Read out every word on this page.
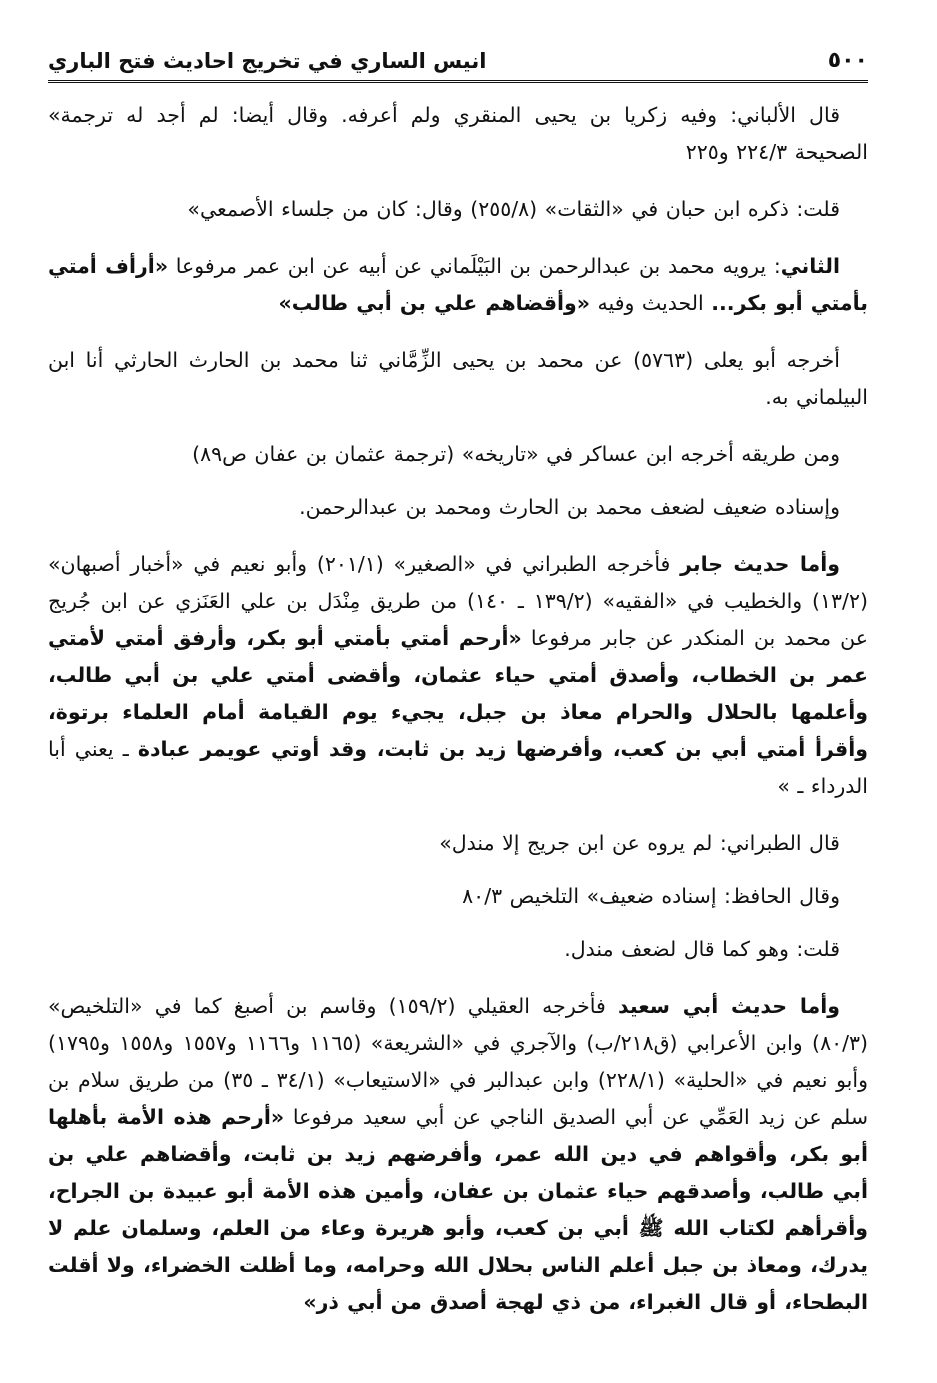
٥٠٠
انيس الساري في تخريج احاديث فتح الباري

قال الألباني: وفيه زكريا بن يحيى المنقري ولم أعرفه. وقال أيضا: لم أجد له ترجمة» الصحيحة ٢٢٤/٣ و٢٢٥

قلت: ذكره ابن حبان في «الثقات» (٢٥٥/٨) وقال: كان من جلساء الأصمعي»

الثاني: يرويه محمد بن عبدالرحمن بن البَيْلَماني عن أبيه عن ابن عمر مرفوعا «أرأف أمتي بأمتي أبو بكر... الحديث وفيه «وأقضاهم علي بن أبي طالب»

أخرجه أبو يعلى (٥٧٦٣) عن محمد بن يحيى الزِّمَّاني ثنا محمد بن الحارث الحارثي أنا ابن البيلماني به.

ومن طريقه أخرجه ابن عساكر في «تاريخه» (ترجمة عثمان بن عفان ص٨٩)

وإسناده ضعيف لضعف محمد بن الحارث ومحمد بن عبدالرحمن.

وأما حديث جابر فأخرجه الطبراني في «الصغير» (٢٠١/١) وأبو نعيم في «أخبار أصبهان» (١٣/٢) والخطيب في «الفقيه» (١٣٩/٢ ـ ١٤٠) من طريق مِنْدَل بن علي العَنَزي عن ابن جُريج عن محمد بن المنكدر عن جابر مرفوعا «أرحم أمتي بأمتي أبو بكر، وأرفق أمتي لأمتي عمر بن الخطاب، وأصدق أمتي حياء عثمان، وأقضى أمتي علي بن أبي طالب، وأعلمها بالحلال والحرام معاذ بن جبل، يجيء يوم القيامة أمام العلماء برتوة، وأقرأ أمتي أبي بن كعب، وأفرضها زيد بن ثابت، وقد أوتي عويمر عبادة ـ يعني أبا الدرداء ـ »

قال الطبراني: لم يروه عن ابن جريج إلا مندل»

وقال الحافظ: إسناده ضعيف» التلخيص ٨٠/٣

قلت: وهو كما قال لضعف مندل.

وأما حديث أبي سعيد فأخرجه العقيلي (١٥٩/٢) وقاسم بن أصبغ كما في «التلخيص» (٨٠/٣) وابن الأعرابي (ق٢١٨/ب) والآجري في «الشريعة» (١١٦٥ و١١٦٦ و١٥٥٧ و١٥٥٨ و١٧٩٥) وأبو نعيم في «الحلية» (٢٢٨/١) وابن عبدالبر في «الاستيعاب» (٣٤/١ ـ ٣٥) من طريق سلام بن سلم عن زيد العَمِّي عن أبي الصديق الناجي عن أبي سعيد مرفوعا «أرحم هذه الأمة بأهلها أبو بكر، وأقواهم في دين الله عمر، وأفرضهم زيد بن ثابت، وأقضاهم علي بن أبي طالب، وأصدقهم حياء عثمان بن عفان، وأمين هذه الأمة أبو عبيدة بن الجراح، وأقرأهم لكتاب الله ﷺ أبي بن كعب، وأبو هريرة وعاء من العلم، وسلمان علم لا يدرك، ومعاذ بن جبل أعلم الناس بحلال الله وحرامه، وما أظلت الخضراء، ولا أقلت البطحاء، أو قال الغبراء، من ذي لهجة أصدق من أبي ذر»
